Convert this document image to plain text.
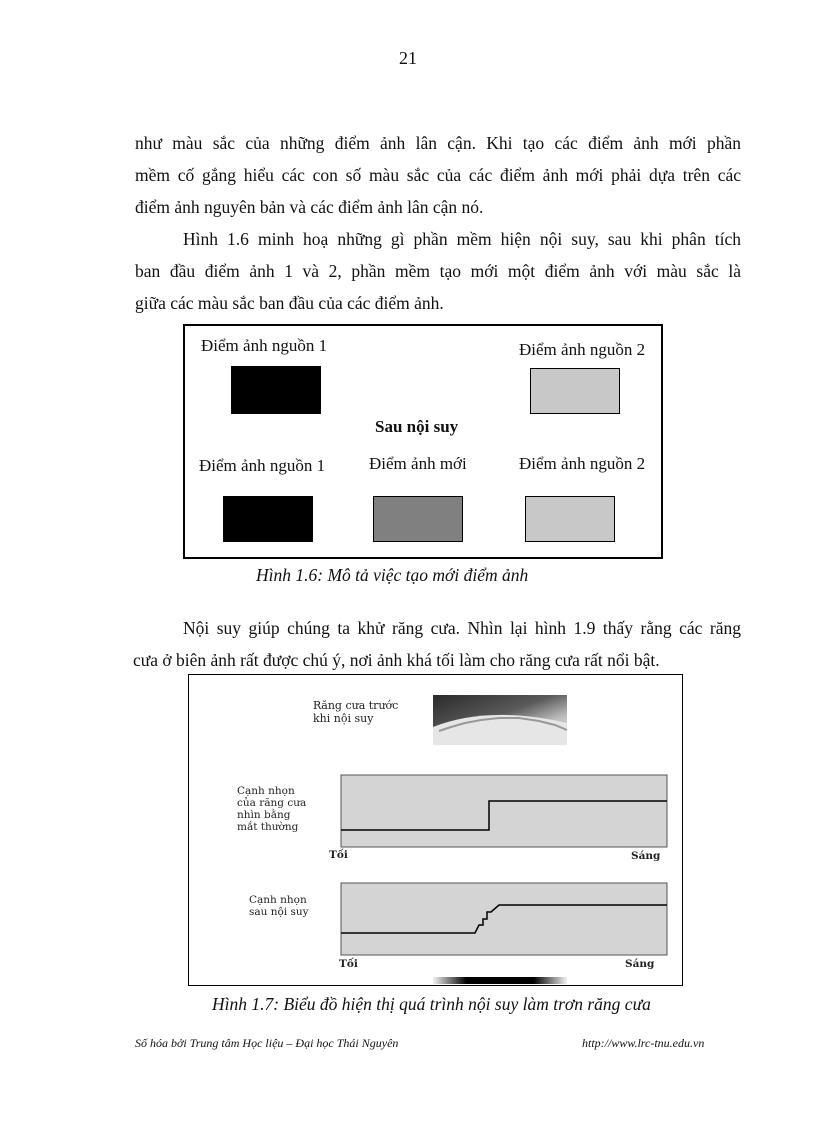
21
như màu sắc của những điểm ảnh lân cận. Khi tạo các điểm ảnh mới phần
mềm cố gắng hiểu các con số màu sắc của các điểm ảnh mới phải dựa trên các
điểm ảnh nguyên bản và các điểm ảnh lân cận nó.
Hình 1.6 minh hoạ những gì phần mềm hiện nội suy, sau khi phân tích
ban đầu điểm ảnh 1 và 2, phần mềm tạo mới một điểm ảnh với màu sắc là
giữa các màu sắc ban đầu của các điểm ảnh.
Điểm ảnh nguồn 1	Điểm ảnh nguồn 2
Sau nội suy
Điểm ảnh nguồn 1	Điểm ảnh mới	Điểm ảnh nguồn 2
Hình 1.6: Mô tả việc tạo mới điểm ảnh
Nội suy giúp chúng ta khử răng cưa. Nhìn lại hình 1.9 thấy rằng các răng
cưa ở biên ảnh rất được chú ý, nơi ảnh khá tối làm cho răng cưa rất nổi bật.
Răng cưa trước
khi nội suy
Cạnh nhọn
của răng cưa
nhìn bằng
mắt thường
Tối	Sáng
Cạnh nhọn
sau nội suy
Tối	Sáng
Hình 1.7: Biểu đồ hiện thị quá trình nội suy làm trơn răng cưa
Số hóa bởi Trung tâm Học liệu – Đại học Thái Nguyên	http://www.lrc-tnu.edu.vn
